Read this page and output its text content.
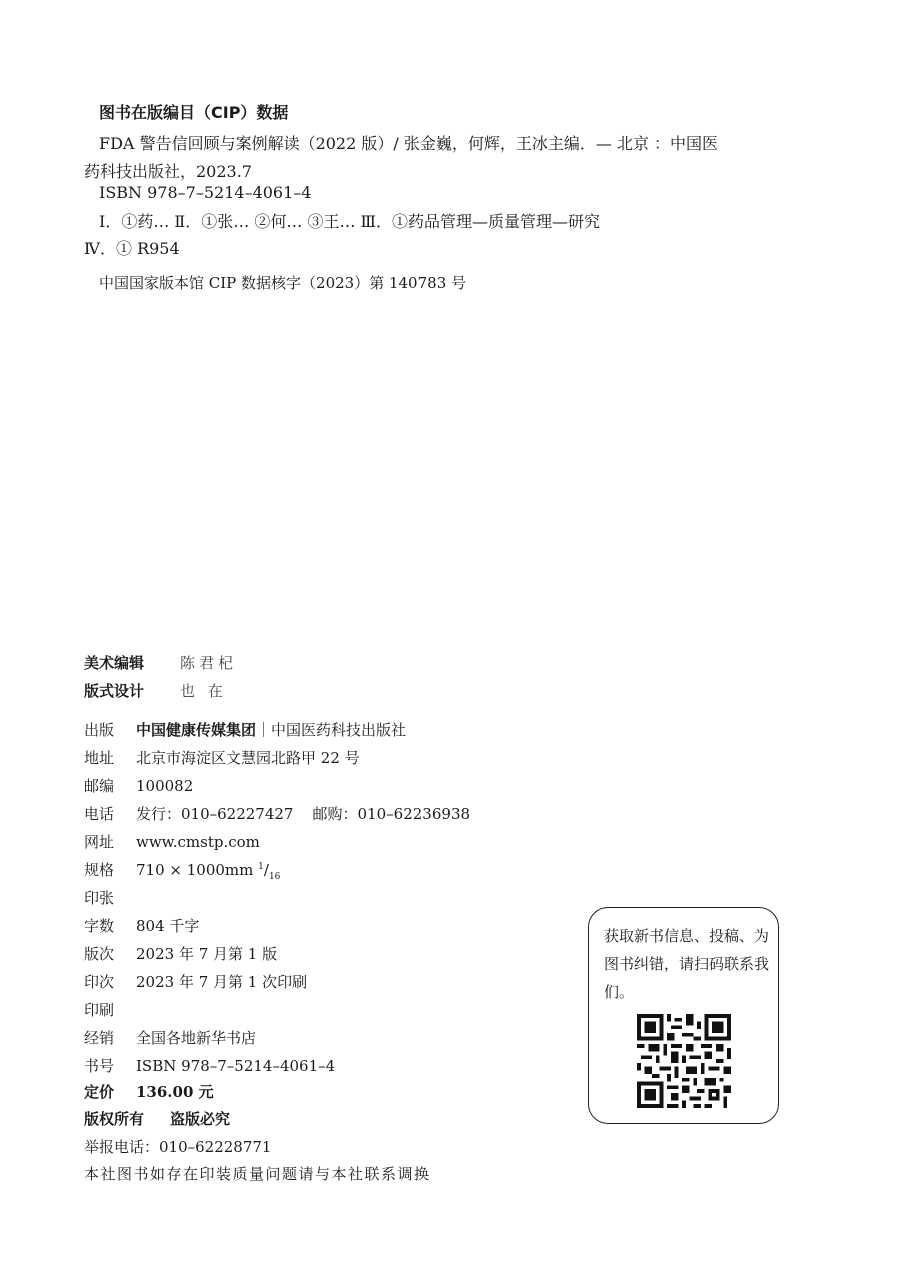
图书在版编目（CIP）数据
FDA 警告信回顾与案例解读（2022 版）/ 张金巍，何辉，王冰主编．— 北京 ：中国医
药科技出版社，2023.7
ISBN 978–7–5214–4061–4
Ⅰ．①药… Ⅱ．①张… ②何… ③王… Ⅲ．①药品管理—质量管理—研究
Ⅳ．① R954
中国国家版本馆 CIP 数据核字（2023）第 140783 号
美术编辑 陈君杞
版式设计 也 在
出版 中国健康传媒集团｜中国医药科技出版社
地址 北京市海淀区文慧园北路甲 22 号
邮编 100082
电话 发行：010–62227427    邮购：010–62236938
网址 www.cmstp.com
规格 710 × 1000mm $^1/_{16}$
印张
字数 804 千字
版次 2023 年 7 月第 1 版
印次 2023 年 7 月第 1 次印刷
印刷
经销 全国各地新华书店
书号 ISBN 978–7–5214–4061–4
定价 136.00 元
版权所有 盗版必究
举报电话：010–62228771
本社图书如存在印装质量问题请与本社联系调换
获取新书信息、投稿、为图书纠错，请扫码联系我们。
